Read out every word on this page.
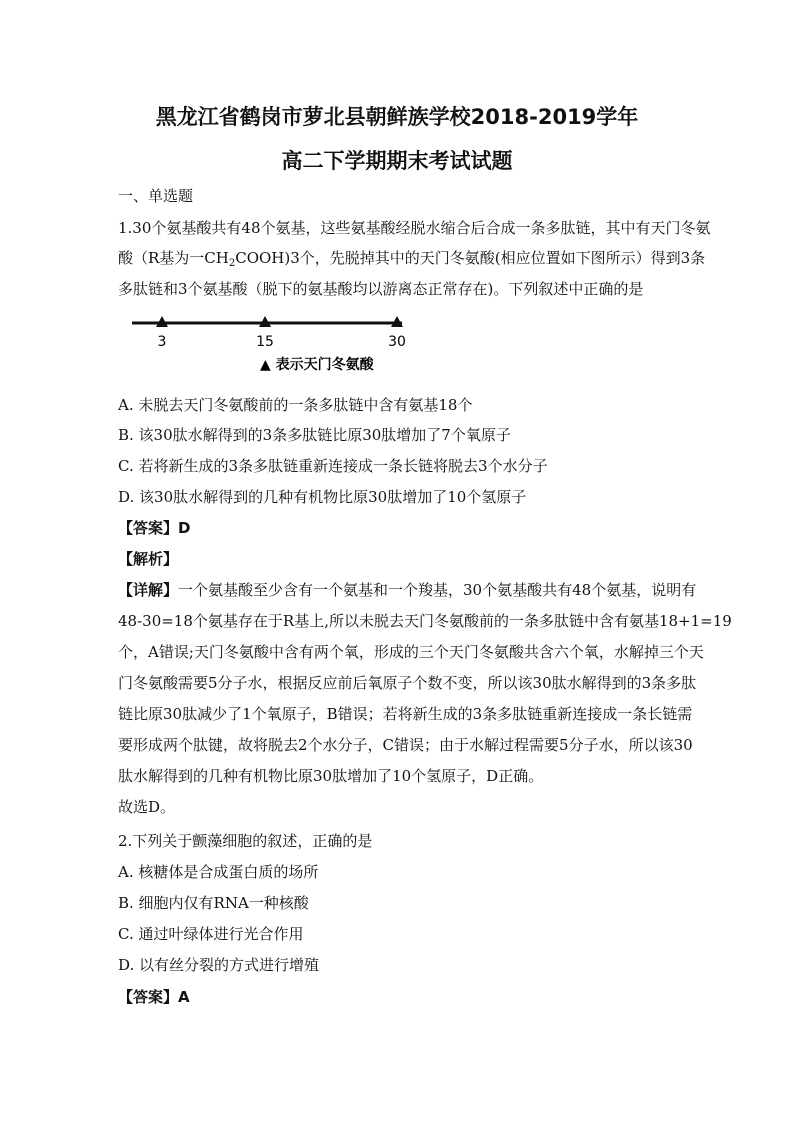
黑龙江省鹤岗市萝北县朝鲜族学校2018-2019学年
高二下学期期末考试试题
一、单选题
1.30个氨基酸共有48个氨基，这些氨基酸经脱水缩合后合成一条多肽链，其中有天门冬氨
酸（R基为一$CH_2COOH)3$个，先脱掉其中的天门冬氨酸(相应位置如下图所示）得到3条
多肽链和3个氨基酸（脱下的氨基酸均以游离态正常存在)。下列叙述中正确的是
3	15	30
▲ 表示天门冬氨酸
A. 未脱去天门冬氨酸前的一条多肽链中含有氨基18个
B. 该30肽水解得到的3条多肽链比原30肽增加了7个氧原子
C. 若将新生成的3条多肽链重新连接成一条长链将脱去3个水分子
D. 该30肽水解得到的几种有机物比原30肽增加了10个氢原子
【答案】D
【解析】
【详解】一个氨基酸至少含有一个氨基和一个羧基，30个氨基酸共有48个氨基，说明有
48-30=18个氨基存在于R基上,所以未脱去天门冬氨酸前的一条多肽链中含有氨基18+1=19
个，A错误;天门冬氨酸中含有两个氧，形成的三个天门冬氨酸共含六个氧，水解掉三个天
门冬氨酸需要5分子水，根据反应前后氧原子个数不变，所以该30肽水解得到的3条多肽
链比原30肽减少了1个氧原子，B错误；若将新生成的3条多肽链重新连接成一条长链需
要形成两个肽键，故将脱去2个水分子，C错误；由于水解过程需要5分子水，所以该30
肽水解得到的几种有机物比原30肽增加了10个氢原子，D正确。
故选D。
2.下列关于颤藻细胞的叙述，正确的是
A. 核糖体是合成蛋白质的场所
B. 细胞内仅有RNA一种核酸
C. 通过叶绿体进行光合作用
D. 以有丝分裂的方式进行增殖
【答案】A
